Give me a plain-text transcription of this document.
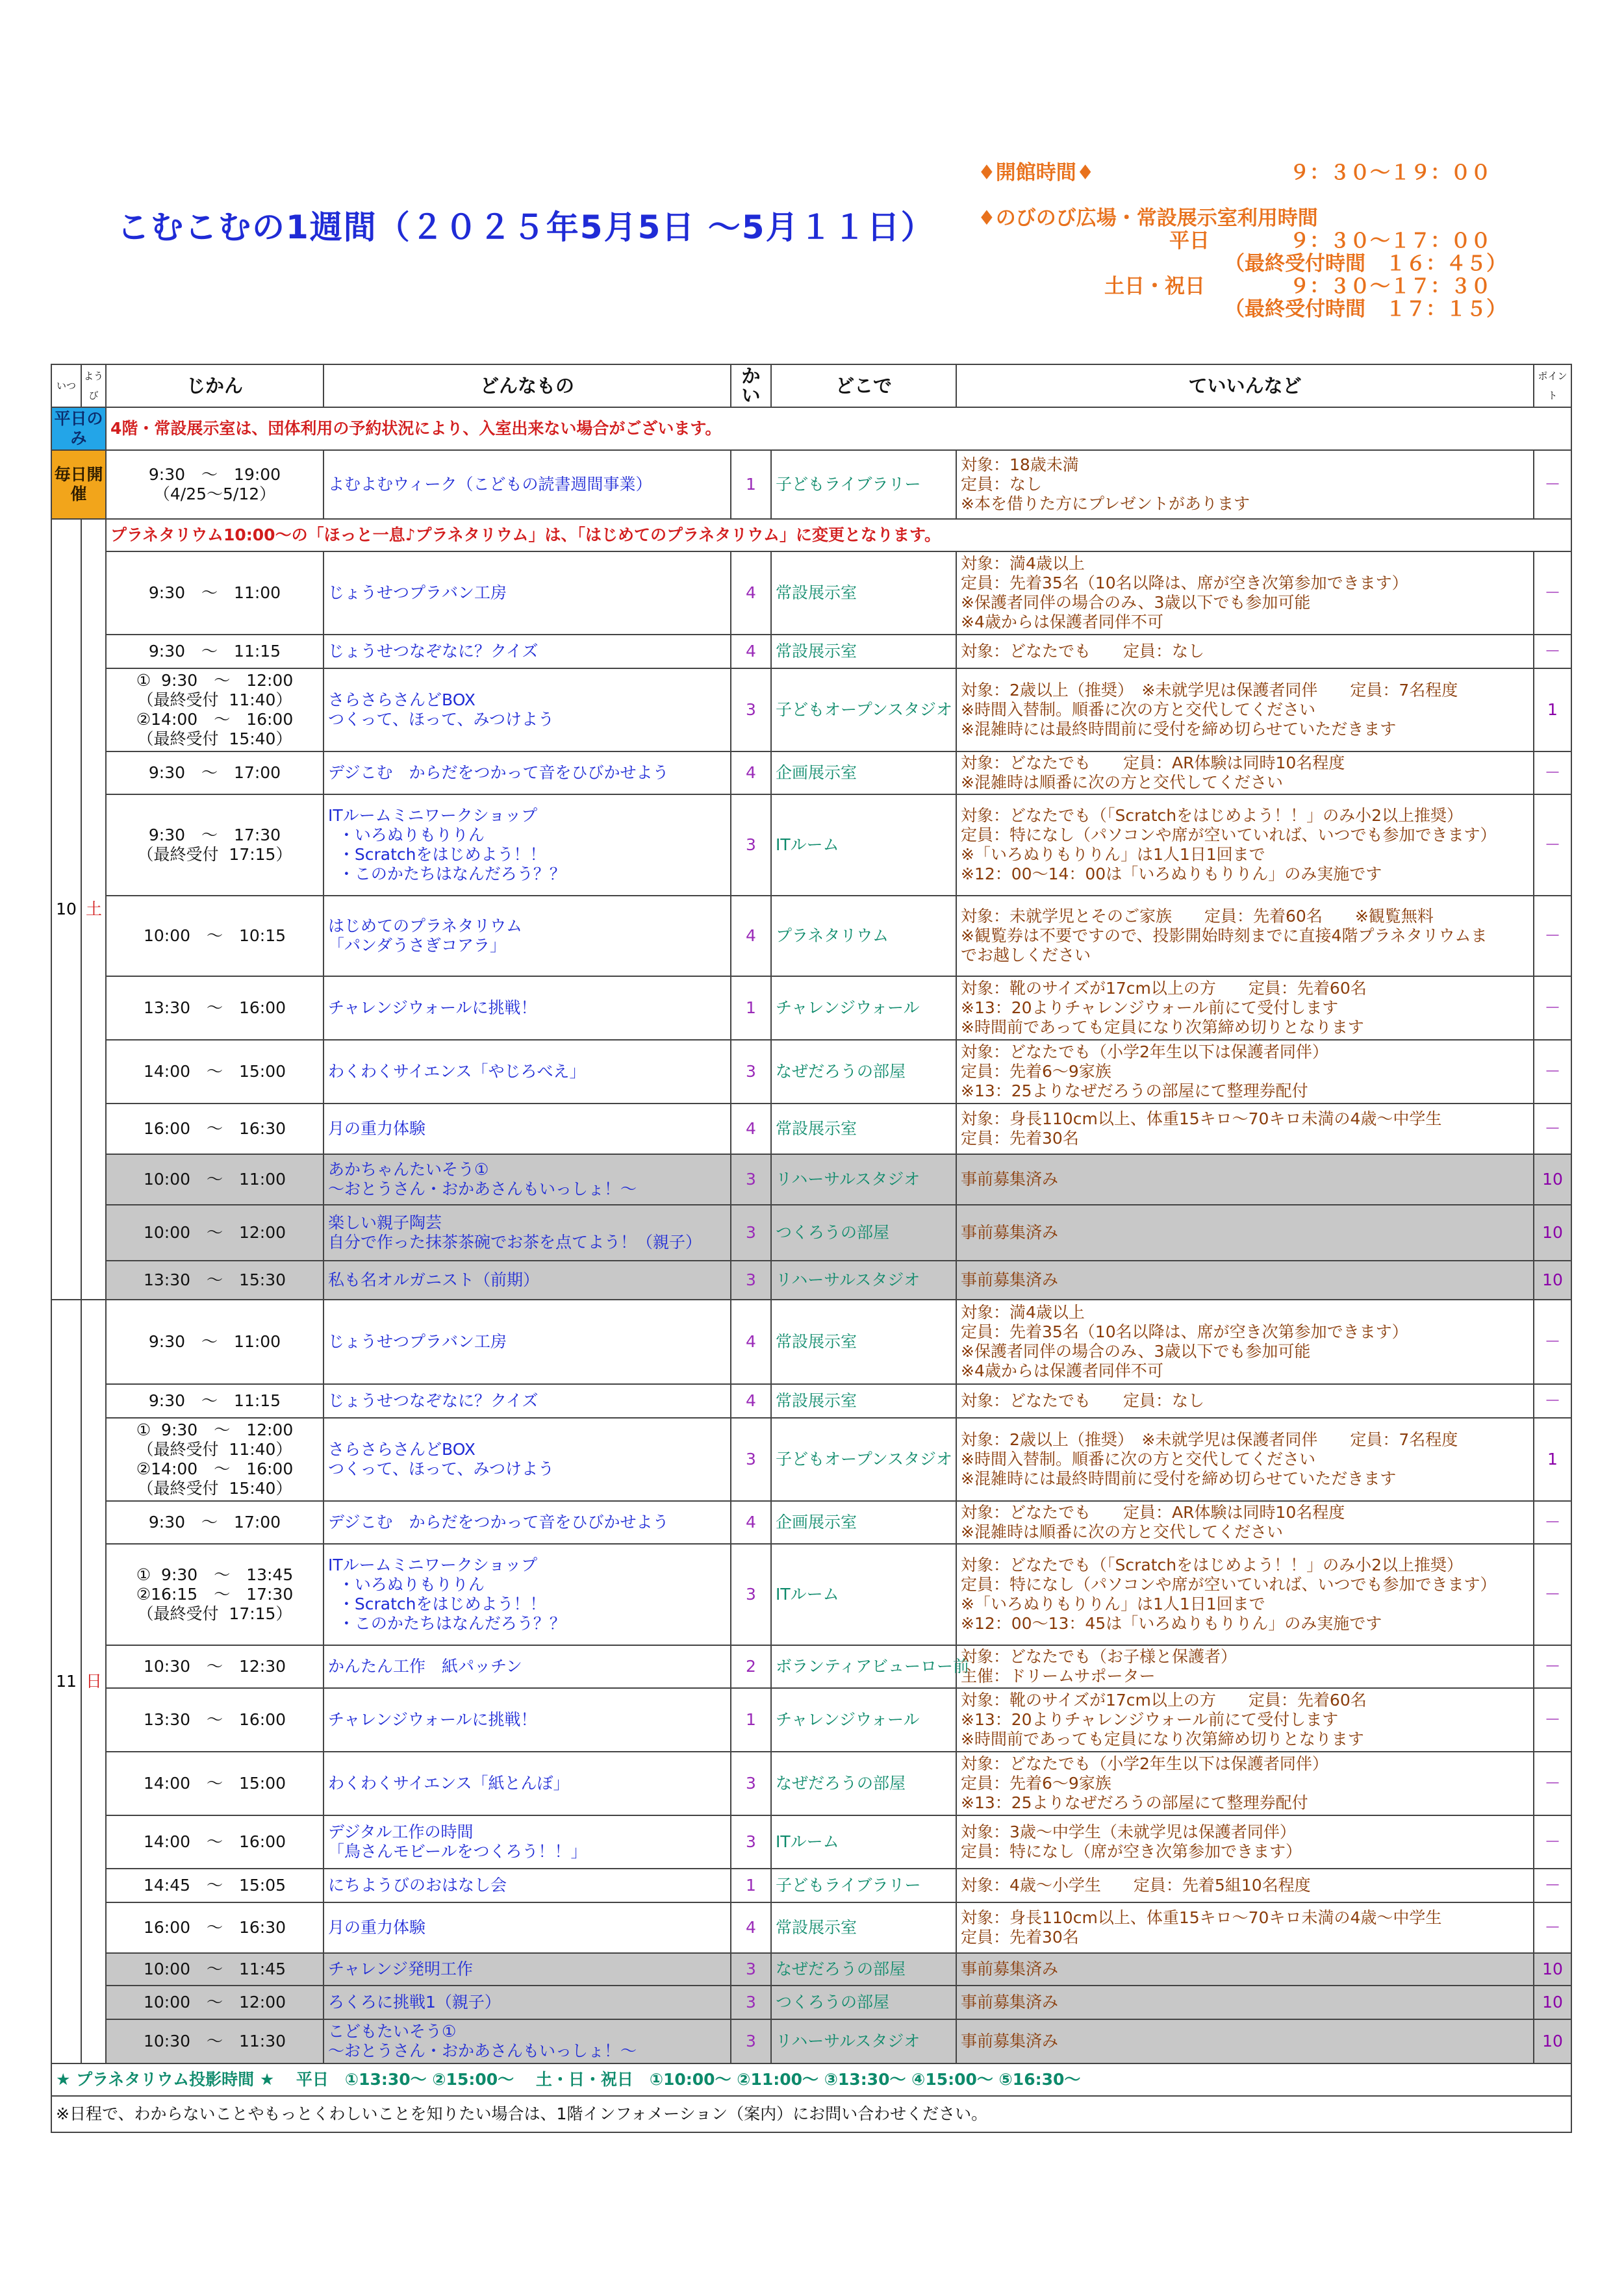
こむこむの1週間（２０２５年5月5日 ～5月１１日）
♦開館時間♦	９：３０～１９：００
♦のびのび広場・常設展示室利用時間
平日	９：３０～１７：００
（最終受付時間　１６：４５）
土日・祝日	９：３０～１７：３０
（最終受付時間　１７：１５）
いつ	ようび	じかん	どんなもの	かい	どこで	ていいんなど	ポイント
平日のみ		4階・常設展示室は、団体利用の予約状況により、入室出来ない場合がございます。					
毎日開催		9:30　～　19:00
（4/25～5/12）	よむよむウィーク（こどもの読書週間事業）	1	子どもライブラリー	対象：18歳未満
定員：なし
※本を借りた方にプレゼントがあります	－
10	土	プラネタリウム10:00～の「ほっと一息♪プラネタリウム」は、「はじめてのプラネタリウム」に変更となります。					
		9:30　～　11:00	じょうせつプラバン工房	4	常設展示室	対象：満4歳以上
定員：先着35名（10名以降は、席が空き次第参加できます）
※保護者同伴の場合のみ、3歳以下でも参加可能
※4歳からは保護者同伴不可	－
		9:30　～　11:15	じょうせつなぞなに？クイズ	4	常設展示室	対象：どなたでも　　定員：なし	－
		①  9:30　～　12:00
（最終受付  11:40）
②14:00　～　16:00
（最終受付  15:40）	さらさらさんどBOX
つくって、ほって、みつけよう	3	子どもオープンスタジオ	対象：2歳以上（推奨）　※未就学児は保護者同伴　　定員：7名程度
※時間入替制。順番に次の方と交代してください
※混雑時には最終時間前に受付を締め切らせていただきます	1
		9:30　～　17:00	デジこむ　からだをつかって音をひびかせよう	4	企画展示室	対象：どなたでも　　定員：AR体験は同時10名程度
※混雑時は順番に次の方と交代してください	－
		9:30　～　17:30
（最終受付  17:15）	ITルームミニワークショップ
・いろぬりもりりん
・Scratchをはじめよう！！
・このかたちはなんだろう？？	3	ITルーム	対象：どなたでも（「Scratchをはじめよう！！」のみ小2以上推奨）
定員：特になし（パソコンや席が空いていれば、いつでも参加できます）
※「いろぬりもりりん」は1人1日1回まで
※12：00～14：00は「いろぬりもりりん」のみ実施です	－
		10:00　～　10:15	はじめてのプラネタリウム
「パンダうさぎコアラ」	4	プラネタリウム	対象：未就学児とそのご家族　　定員：先着60名　　※観覧無料
※観覧券は不要ですので、投影開始時刻までに直接4階プラネタリウムま
でお越しください	－
		13:30　～　16:00	チャレンジウォールに挑戦！	1	チャレンジウォール	対象：靴のサイズが17cm以上の方　　定員：先着60名
※13：20よりチャレンジウォール前にて受付します
※時間前であっても定員になり次第締め切りとなります	－
		14:00　～　15:00	わくわくサイエンス「やじろべえ」	3	なぜだろうの部屋	対象：どなたでも（小学2年生以下は保護者同伴）
定員：先着6～9家族
※13：25よりなぜだろうの部屋にて整理券配付	－
		16:00　～　16:30	月の重力体験	4	常設展示室	対象：身長110cm以上、体重15キロ～70キロ未満の4歳～中学生
定員：先着30名	－
		10:00　～　11:00	あかちゃんたいそう①
～おとうさん・おかあさんもいっしょ！～	3	リハーサルスタジオ	事前募集済み	10
		10:00　～　12:00	楽しい親子陶芸
自分で作った抹茶茶碗でお茶を点てよう！（親子）	3	つくろうの部屋	事前募集済み	10
		13:30　～　15:30	私も名オルガニスト（前期）	3	リハーサルスタジオ	事前募集済み	10
11	日	9:30　～　11:00	じょうせつプラバン工房	4	常設展示室	対象：満4歳以上
定員：先着35名（10名以降は、席が空き次第参加できます）
※保護者同伴の場合のみ、3歳以下でも参加可能
※4歳からは保護者同伴不可	－
		9:30　～　11:15	じょうせつなぞなに？クイズ	4	常設展示室	対象：どなたでも　　定員：なし	－
		①  9:30　～　12:00
（最終受付  11:40）
②14:00　～　16:00
（最終受付  15:40）	さらさらさんどBOX
つくって、ほって、みつけよう	3	子どもオープンスタジオ	対象：2歳以上（推奨）　※未就学児は保護者同伴　　定員：7名程度
※時間入替制。順番に次の方と交代してください
※混雑時には最終時間前に受付を締め切らせていただきます	1
		9:30　～　17:00	デジこむ　からだをつかって音をひびかせよう	4	企画展示室	対象：どなたでも　　定員：AR体験は同時10名程度
※混雑時は順番に次の方と交代してください	－
		①  9:30　～　13:45
②16:15　～　17:30
（最終受付  17:15）	ITルームミニワークショップ
・いろぬりもりりん
・Scratchをはじめよう！！
・このかたちはなんだろう？？	3	ITルーム	対象：どなたでも（「Scratchをはじめよう！！」のみ小2以上推奨）
定員：特になし（パソコンや席が空いていれば、いつでも参加できます）
※「いろぬりもりりん」は1人1日1回まで
※12：00～13：45は「いろぬりもりりん」のみ実施です	－
		10:30　～　12:30	かんたん工作　紙パッチン	2	ボランティアビューロー前	対象：どなたでも（お子様と保護者）
主催：ドリームサポーター	－
		13:30　～　16:00	チャレンジウォールに挑戦！	1	チャレンジウォール	対象：靴のサイズが17cm以上の方　　定員：先着60名
※13：20よりチャレンジウォール前にて受付します
※時間前であっても定員になり次第締め切りとなります	－
		14:00　～　15:00	わくわくサイエンス「紙とんぼ」	3	なぜだろうの部屋	対象：どなたでも（小学2年生以下は保護者同伴）
定員：先着6～9家族
※13：25よりなぜだろうの部屋にて整理券配付	－
		14:00　～　16:00	デジタル工作の時間
「鳥さんモビールをつくろう！！」	3	ITルーム	対象：3歳～中学生（未就学児は保護者同伴）
定員：特になし（席が空き次第参加できます）	－
		14:45　～　15:05	にちようびのおはなし会	1	子どもライブラリー	対象：4歳～小学生　　定員：先着5組10名程度	－
		16:00　～　16:30	月の重力体験	4	常設展示室	対象：身長110cm以上、体重15キロ～70キロ未満の4歳～中学生
定員：先着30名	－
		10:00　～　11:45	チャレンジ発明工作	3	なぜだろうの部屋	事前募集済み	10
		10:00　～　12:00	ろくろに挑戦1（親子）	3	つくろうの部屋	事前募集済み	10
		10:30　～　11:30	こどもたいそう①
～おとうさん・おかあさんもいっしょ！～	3	リハーサルスタジオ	事前募集済み	10
★ プラネタリウム投影時間 ★　 平日　①13:30～ ②15:00～　 土・日・祝日　①10:00～ ②11:00～ ③13:30～ ④15:00～ ⑤16:30～							
※日程で、わからないことやもっとくわしいことを知りたい場合は、1階インフォメーション（案内）にお問い合わせください。							
